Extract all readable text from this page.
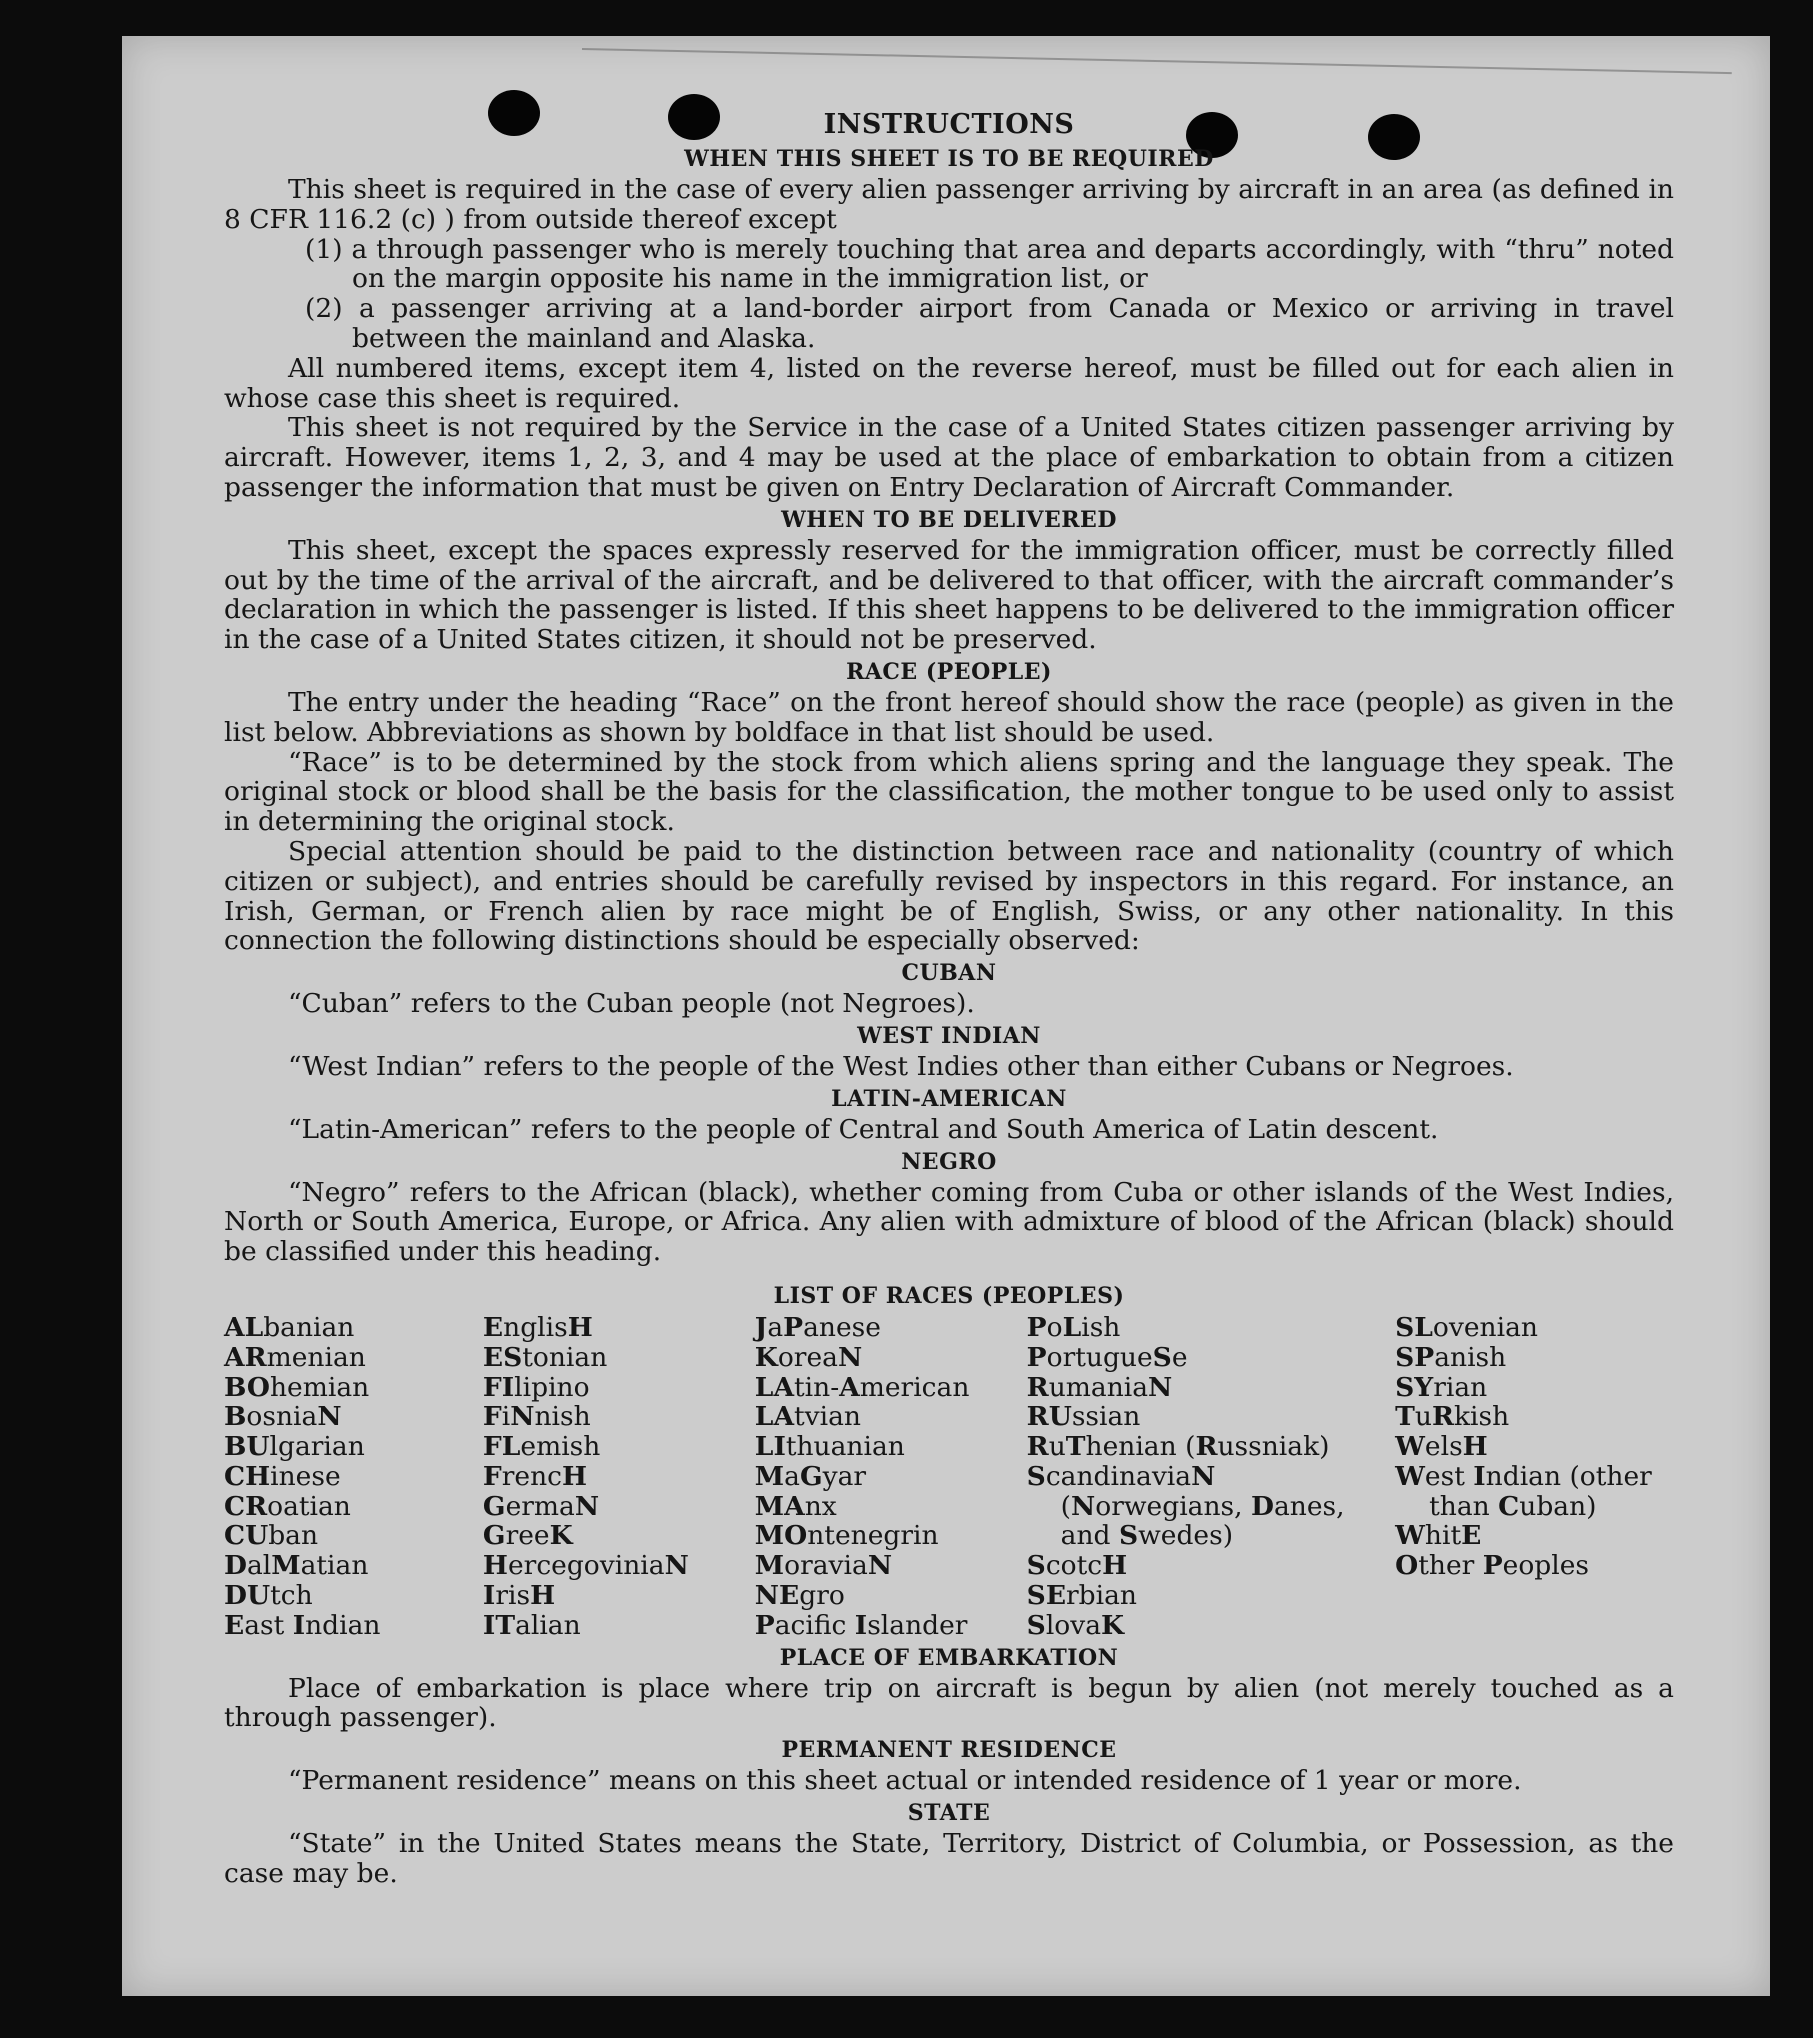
INSTRUCTIONS
WHEN THIS SHEET IS TO BE REQUIRED

This sheet is required in the case of every alien passenger arriving by aircraft in an area (as defined in 8 CFR 116.2 (c) ) from outside thereof except

(1) a through passenger who is merely touching that area and departs accordingly, with “thru” noted on the margin opposite his name in the immigration list, or

(2) a passenger arriving at a land-border airport from Canada or Mexico or arriving in travel between the mainland and Alaska.

All numbered items, except item 4, listed on the reverse hereof, must be filled out for each alien in whose case this sheet is required.

This sheet is not required by the Service in the case of a United States citizen passenger arriving by aircraft. However, items 1, 2, 3, and 4 may be used at the place of embarkation to obtain from a citizen passenger the information that must be given on Entry Declaration of Aircraft Commander.

WHEN TO BE DELIVERED

This sheet, except the spaces expressly reserved for the immigration officer, must be correctly filled out by the time of the arrival of the aircraft, and be delivered to that officer, with the aircraft commander’s declaration in which the passenger is listed. If this sheet happens to be delivered to the immigration officer in the case of a United States citizen, it should not be preserved.

RACE (PEOPLE)

The entry under the heading “Race” on the front hereof should show the race (people) as given in the list below. Abbreviations as shown by boldface in that list should be used.

“Race” is to be determined by the stock from which aliens spring and the language they speak. The original stock or blood shall be the basis for the classification, the mother tongue to be used only to assist in determining the original stock.

Special attention should be paid to the distinction between race and nationality (country of which citizen or subject), and entries should be carefully revised by inspectors in this regard. For instance, an Irish, German, or French alien by race might be of English, Swiss, or any other nationality. In this connection the following distinctions should be especially observed:

CUBAN

“Cuban” refers to the Cuban people (not Negroes).

WEST INDIAN

“West Indian” refers to the people of the West Indies other than either Cubans or Negroes.

LATIN-AMERICAN

“Latin-American” refers to the people of Central and South America of Latin descent.

NEGRO

“Negro” refers to the African (black), whether coming from Cuba or other islands of the West Indies, North or South America, Europe, or Africa. Any alien with admixture of blood of the African (black) should be classified under this heading.

LIST OF RACES (PEOPLES)
ALbanian
ARmenian
BOhemian
BosniaN
BUlgarian
CHinese
CRoatian
CUban
DalMatian
DUtch
East Indian
EnglisH
EStonian
FIlipino
FiNnish
FLemish
FrencH
GermaN
GreeK
HercegoviniaN
IrisH
ITalian
JaPanese
KoreaN
LAtin-American
LAtvian
LIthuanian
MaGyar
MAnx
MOntenegrin
MoraviaN
NEgro
Pacific Islander
PoLish
PortugueSe
RumaniaN
RUssian
RuThenian (Russniak)
ScandinaviaN (Norwegians, Danes, and Swedes)
ScotcH
SErbian
SlovaK
SLovenian
SPanish
SYrian
TuRkish
WelsH
West Indian (other than Cuban)
WhitE
Other Peoples
PLACE OF EMBARKATION

Place of embarkation is place where trip on aircraft is begun by alien (not merely touched as a through passenger).

PERMANENT RESIDENCE

“Permanent residence” means on this sheet actual or intended residence of 1 year or more.

STATE

“State” in the United States means the State, Territory, District of Columbia, or Possession, as the case may be.
